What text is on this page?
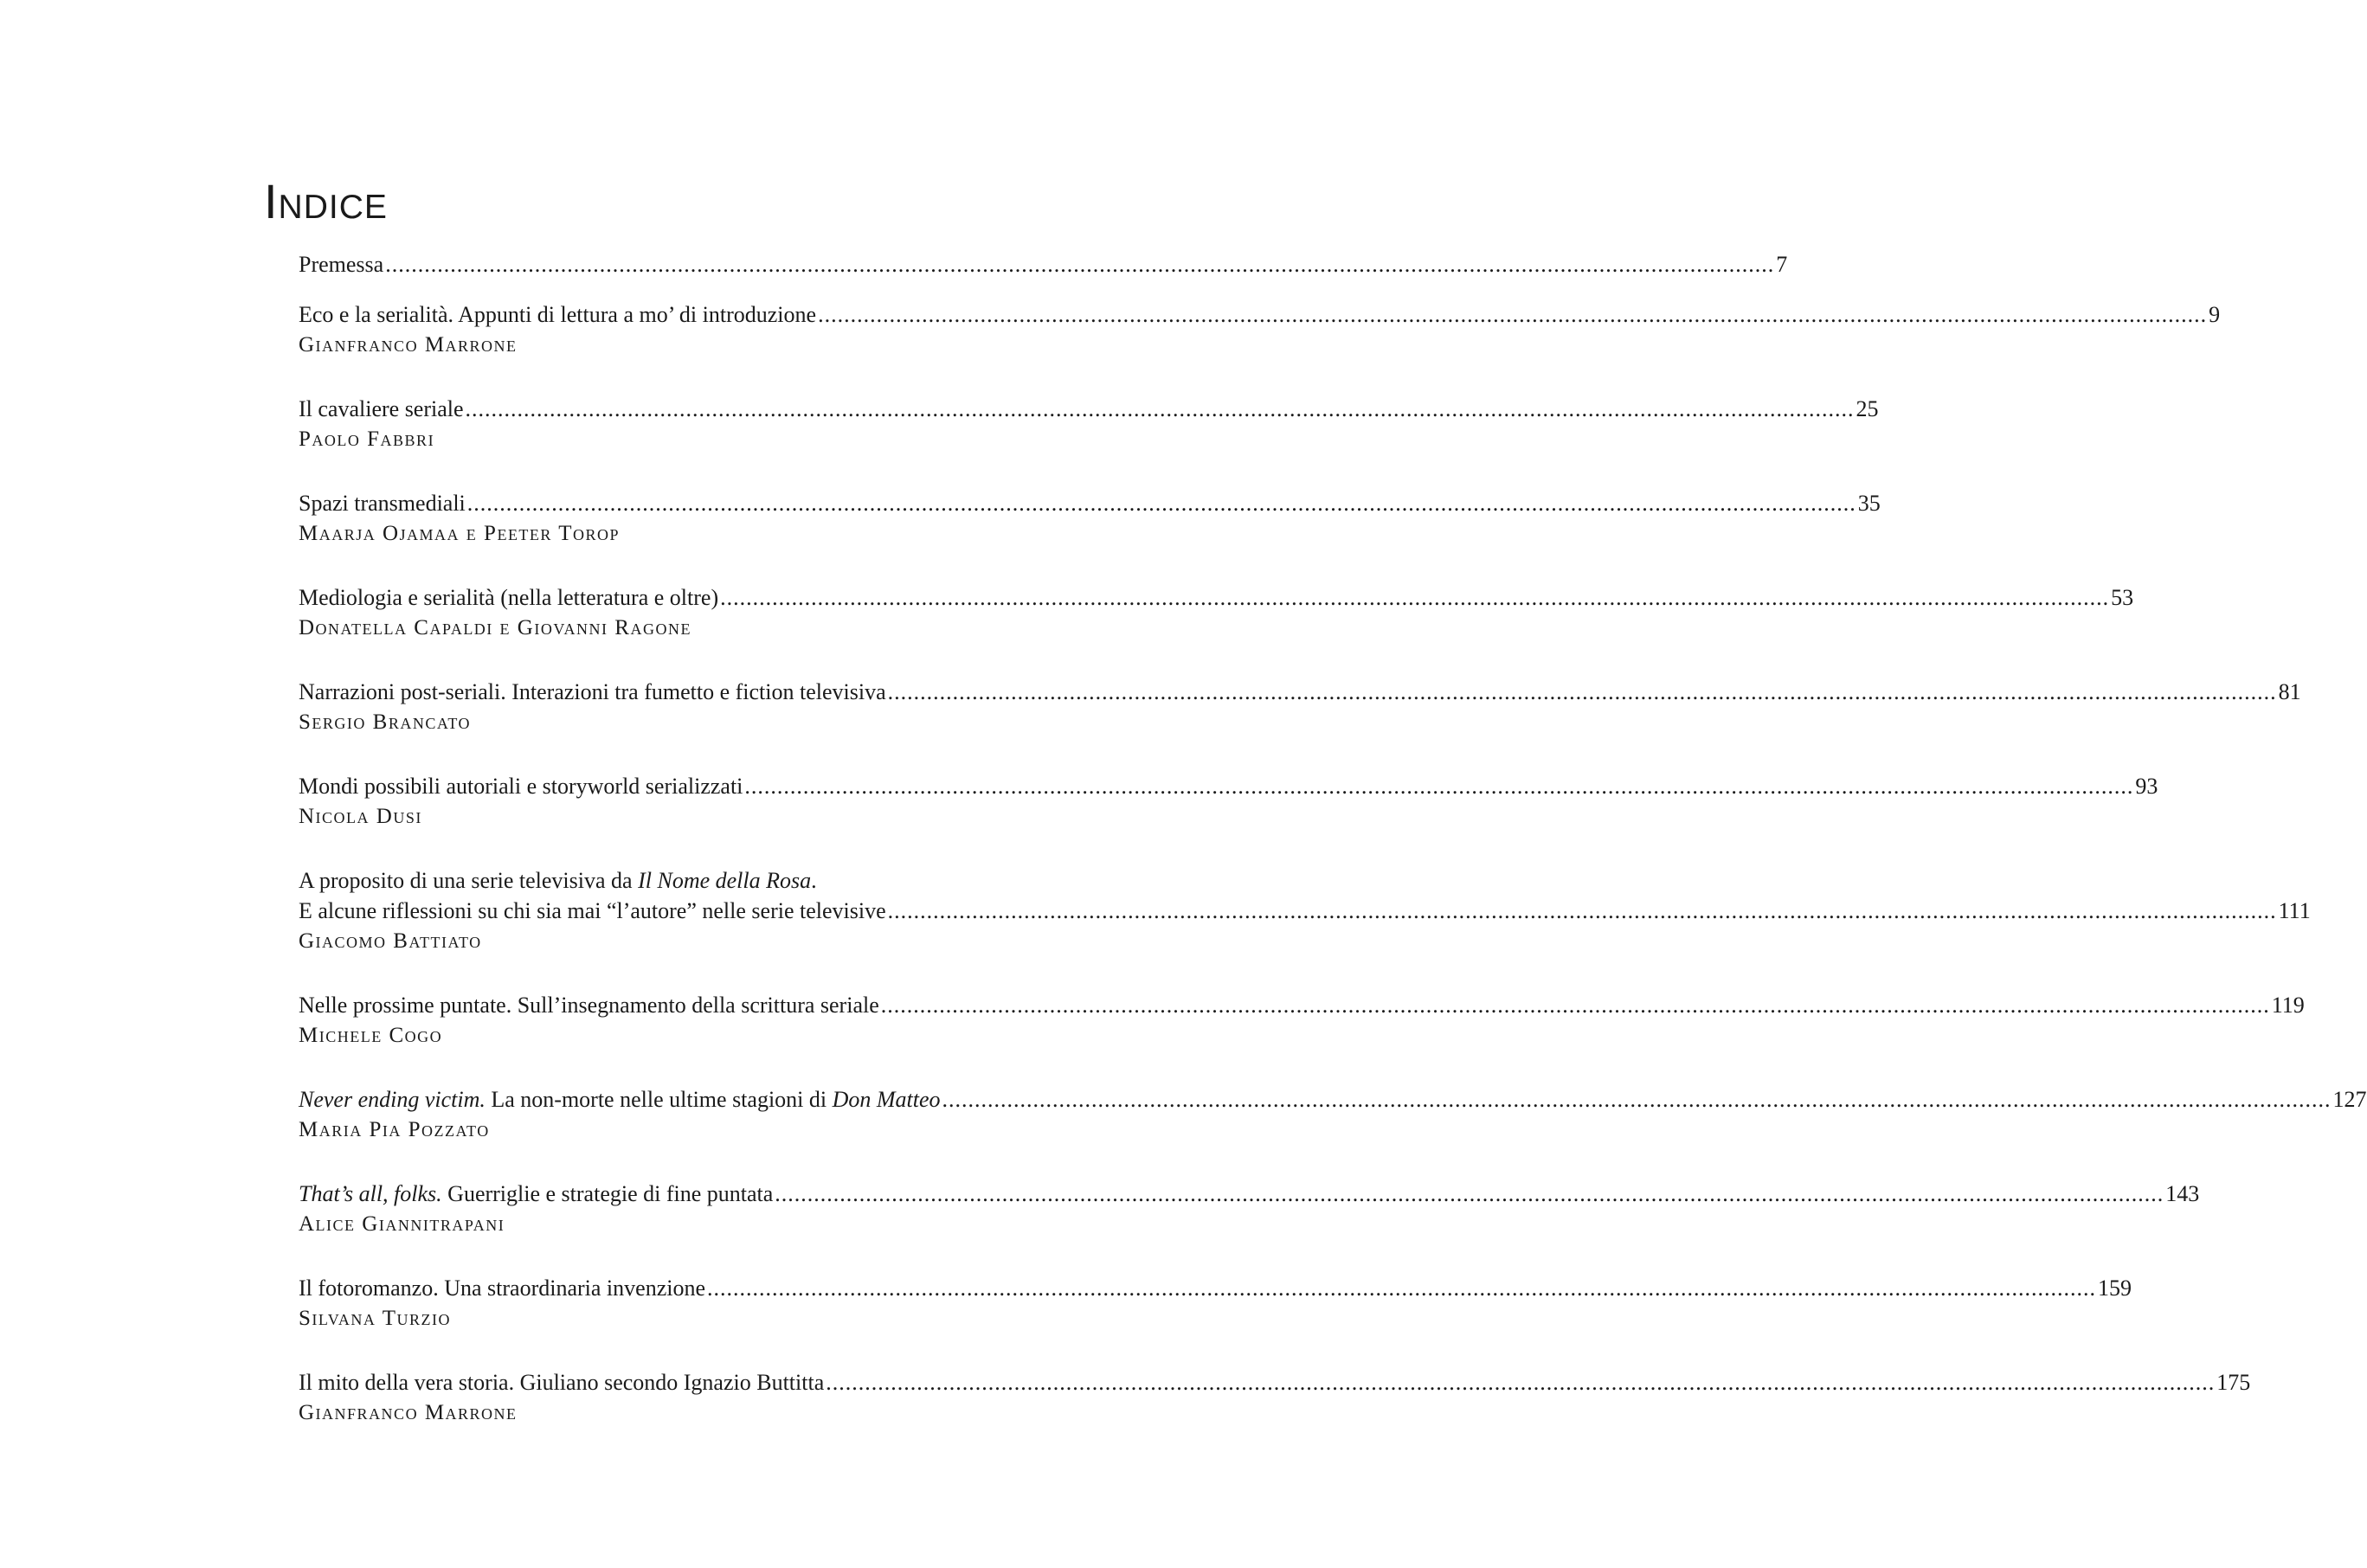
Indice
Premessa .....	7
Eco e la serialità. Appunti di lettura a mo’ di introduzione .....	9
Gianfranco Marrone
Il cavaliere seriale .....	25
Paolo Fabbri
Spazi transmediali .....	35
Maarja Ojamaa e Peeter Torop
Mediologia e serialità (nella letteratura e oltre) .....	53
Donatella Capaldi e Giovanni Ragone
Narrazioni post-seriali. Interazioni tra fumetto e fiction televisiva .....	81
Sergio Brancato
Mondi possibili autoriali e storyworld serializzati .....	93
Nicola Dusi
A proposito di una serie televisiva da Il Nome della Rosa.
E alcune riflessioni su chi sia mai “l’autore” nelle serie televisive .....	111
Giacomo Battiato
Nelle prossime puntate. Sull’insegnamento della scrittura seriale .....	119
Michele Cogo
Never ending victim. La non-morte nelle ultime stagioni di Don Matteo .....	127
Maria Pia Pozzato
That’s all, folks. Guerriglie e strategie di fine puntata .....	143
Alice Giannitrapani
Il fotoromanzo. Una straordinaria invenzione .....	159
Silvana Turzio
Il mito della vera storia. Giuliano secondo Ignazio Buttitta .....	175
Gianfranco Marrone
